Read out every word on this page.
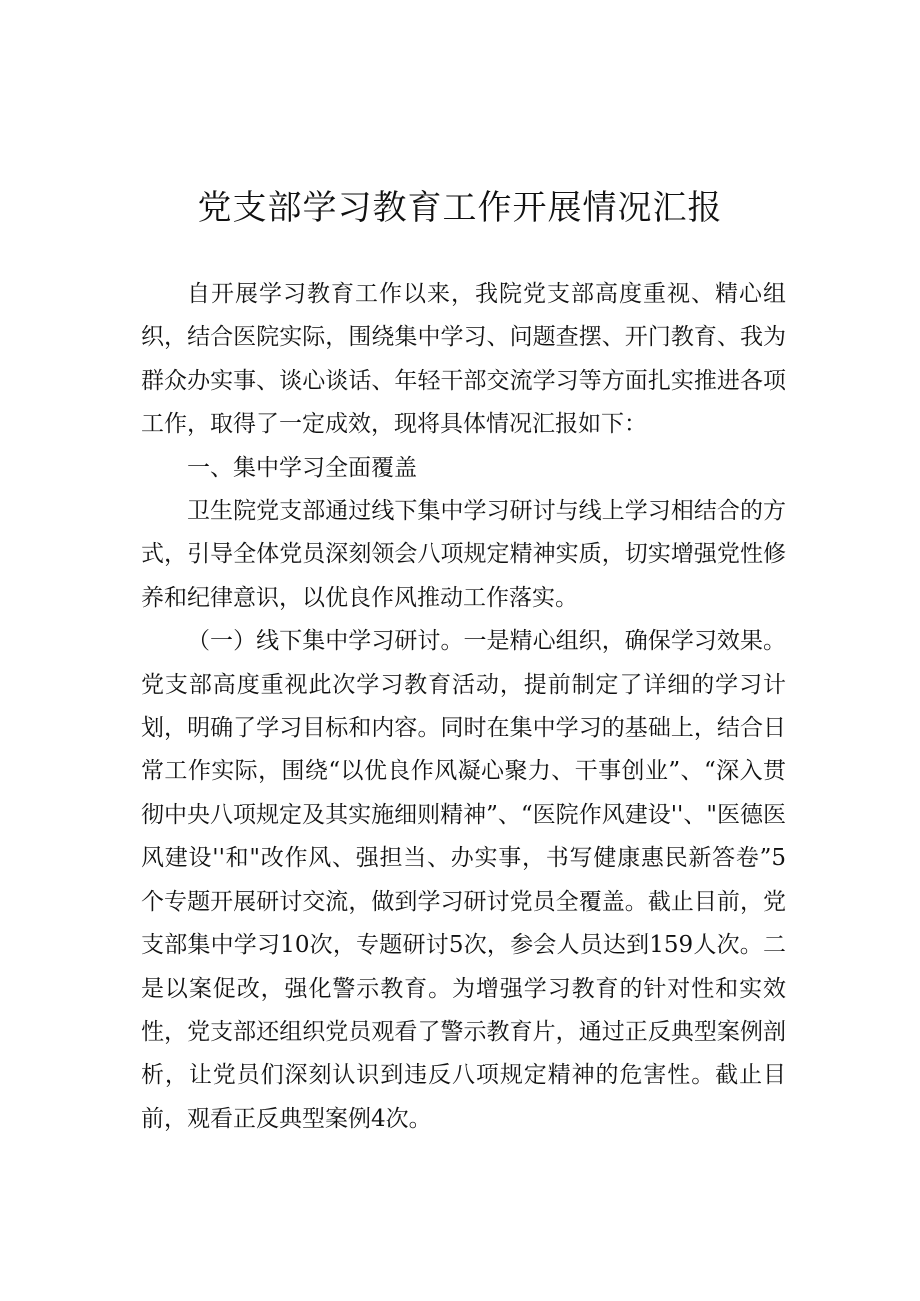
党支部学习教育工作开展情况汇报

自开展学习教育工作以来，我院党支部高度重视、精心组织，结合医院实际，围绕集中学习、问题查摆、开门教育、我为群众办实事、谈心谈话、年轻干部交流学习等方面扎实推进各项工作，取得了一定成效，现将具体情况汇报如下：

一、集中学习全面覆盖

卫生院党支部通过线下集中学习研讨与线上学习相结合的方式，引导全体党员深刻领会八项规定精神实质，切实增强党性修养和纪律意识，以优良作风推动工作落实。

（一）线下集中学习研讨。一是精心组织，确保学习效果。党支部高度重视此次学习教育活动，提前制定了详细的学习计划，明确了学习目标和内容。同时在集中学习的基础上，结合日常工作实际，围绕“以优良作风凝心聚力、干事创业”、“深入贯彻中央八项规定及其实施细则精神”、“医院作风建设''、"医德医风建设''和"改作风、强担当、办实事，书写健康惠民新答卷”5个专题开展研讨交流，做到学习研讨党员全覆盖。截止目前，党支部集中学习10次，专题研讨5次，参会人员达到159人次。二是以案促改，强化警示教育。为增强学习教育的针对性和实效性，党支部还组织党员观看了警示教育片，通过正反典型案例剖析，让党员们深刻认识到违反八项规定精神的危害性。截止目前，观看正反典型案例4次。
